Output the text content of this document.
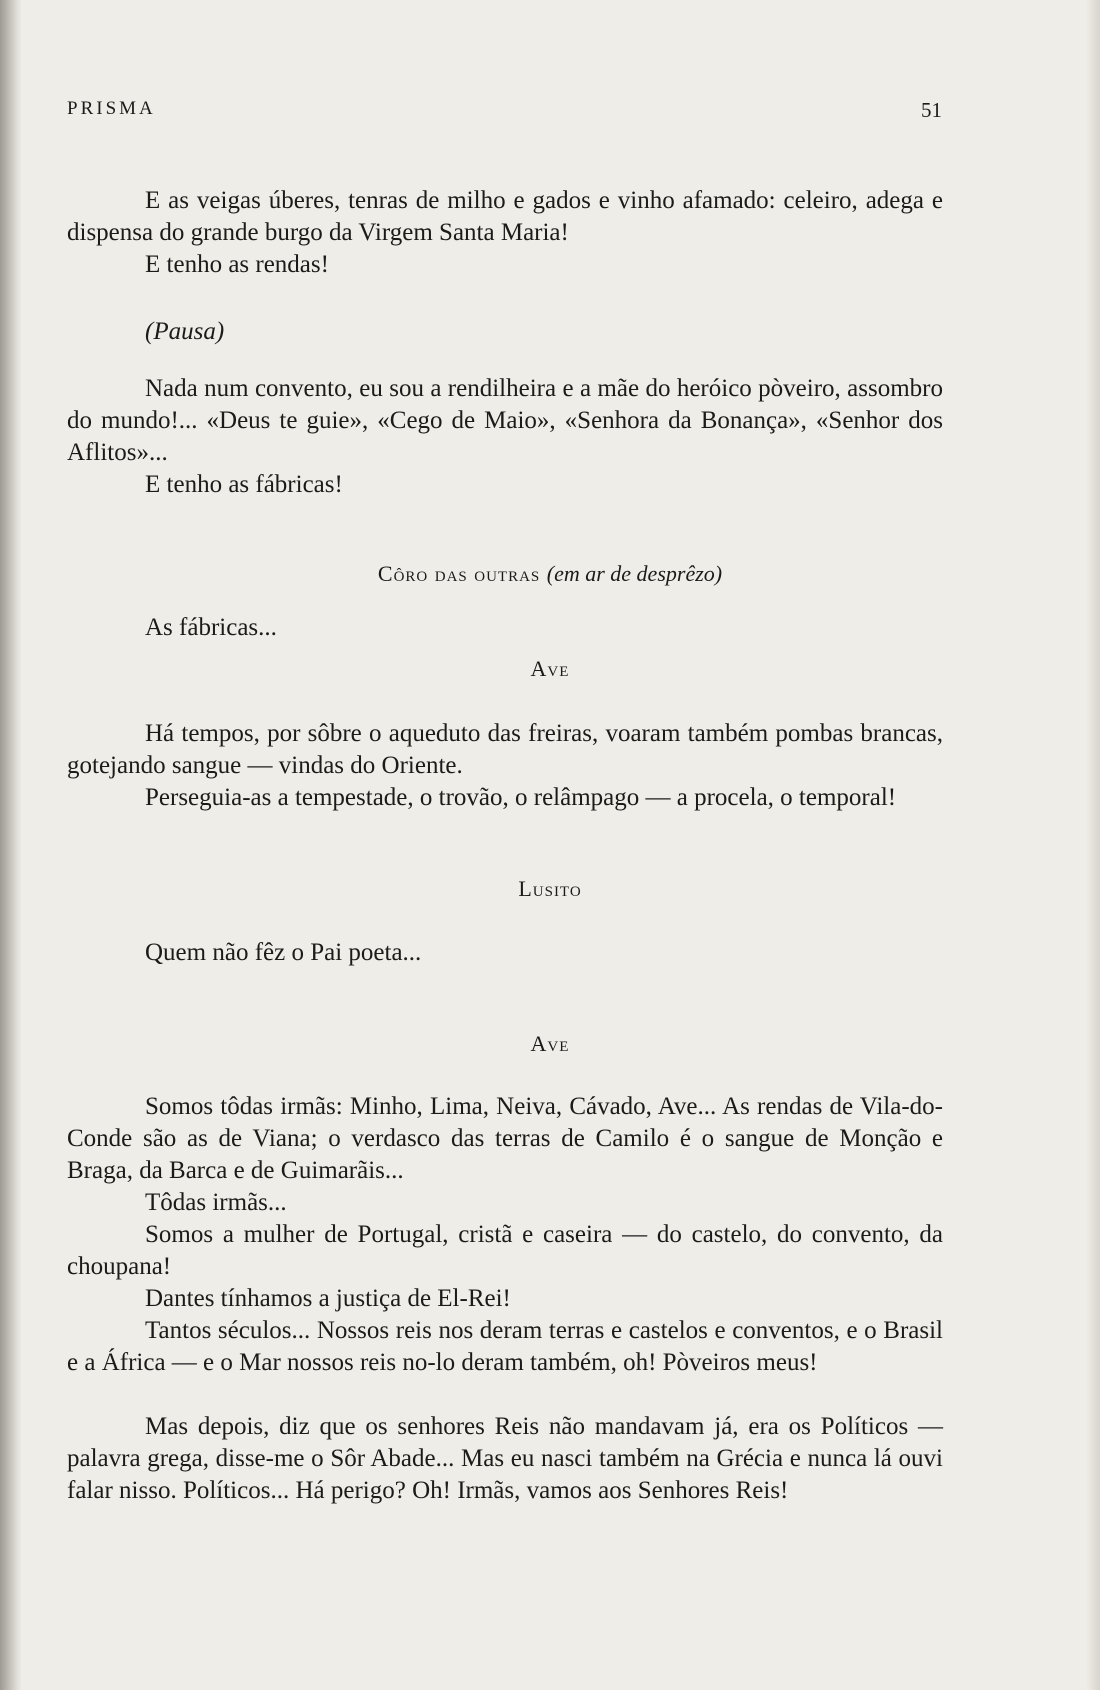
PRISMA	51

E as veigas úberes, tenras de milho e gados e vinho afamado: celeiro, adega e dispensa do grande burgo da Virgem Santa Maria!

E tenho as rendas!

(Pausa)

Nada num convento, eu sou a rendilheira e a mãe do heróico pòveiro, assombro do mundo!... «Deus te guie», «Cego de Maio», «Senhora da Bonança», «Senhor dos Aflitos»...

E tenho as fábricas!

Côro das outras (em ar de desprêzo)

As fábricas...

Ave

Há tempos, por sôbre o aqueduto das freiras, voaram também pombas brancas, gotejando sangue — vindas do Oriente.

Perseguia-as a tempestade, o trovão, o relâmpago — a procela, o temporal!

Lusito

Quem não fêz o Pai poeta...

Ave

Somos tôdas irmãs: Minho, Lima, Neiva, Cávado, Ave... As rendas de Vila-do-Conde são as de Viana; o verdasco das terras de Camilo é o sangue de Monção e Braga, da Barca e de Guimarãis...

Tôdas irmãs...

Somos a mulher de Portugal, cristã e caseira — do castelo, do convento, da choupana!

Dantes tínhamos a justiça de El-Rei!

Tantos séculos... Nossos reis nos deram terras e castelos e conventos, e o Brasil e a África — e o Mar nossos reis no-lo deram também, oh! Pòveiros meus!

Mas depois, diz que os senhores Reis não mandavam já, era os Políticos — palavra grega, disse-me o Sôr Abade... Mas eu nasci também na Grécia e nunca lá ouvi falar nisso. Políticos... Há perigo? Oh! Irmãs, vamos aos Senhores Reis!
